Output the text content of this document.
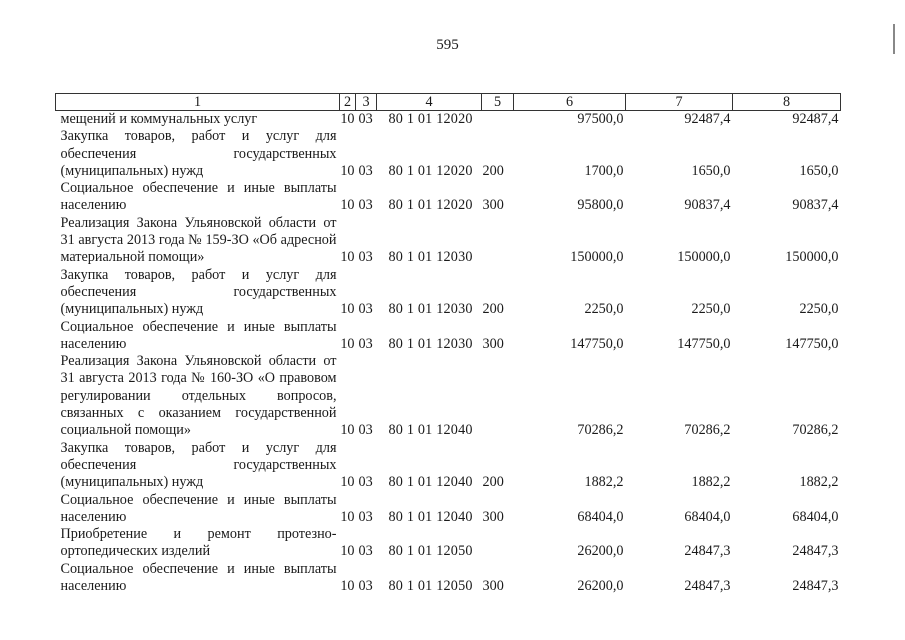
595
1	2	3	4	5	6	7	8
мещений и коммунальных услуг	10	03	80 1 01 12020		97500,0	92487,4	92487,4
Закупка товаров, работ и услуг для обеспечения государственных (муниципальных) нужд	10	03	80 1 01 12020	200	1700,0	1650,0	1650,0
Социальное обеспечение и иные выплаты населению	10	03	80 1 01 12020	300	95800,0	90837,4	90837,4
Реализация Закона Ульяновской области от 31 августа 2013 года № 159-ЗО «Об адресной материальной помощи»	10	03	80 1 01 12030		150000,0	150000,0	150000,0
Закупка товаров, работ и услуг для обеспечения государственных (муниципальных) нужд	10	03	80 1 01 12030	200	2250,0	2250,0	2250,0
Социальное обеспечение и иные выплаты населению	10	03	80 1 01 12030	300	147750,0	147750,0	147750,0
Реализация Закона Ульяновской области от 31 августа 2013 года № 160-ЗО «О правовом регулировании отдельных вопросов, связанных с оказанием государственной социальной помощи»	10	03	80 1 01 12040		70286,2	70286,2	70286,2
Закупка товаров, работ и услуг для обеспечения государственных (муниципальных) нужд	10	03	80 1 01 12040	200	1882,2	1882,2	1882,2
Социальное обеспечение и иные выплаты населению	10	03	80 1 01 12040	300	68404,0	68404,0	68404,0
Приобретение и ремонт протезно-ортопедических изделий	10	03	80 1 01 12050		26200,0	24847,3	24847,3
Социальное обеспечение и иные выплаты населению	10	03	80 1 01 12050	300	26200,0	24847,3	24847,3
